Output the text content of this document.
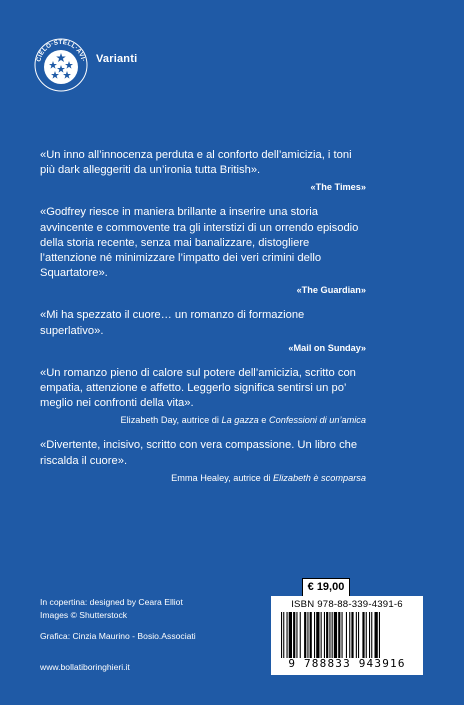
CIELO·STELL·AVI· Varianti

«Un inno all’innocenza perduta e al conforto dell’amicizia, i toni più dark alleggeriti da un’ironia tutta British».

«The Times»

«Godfrey riesce in maniera brillante a inserire una storia avvincente e commovente tra gli interstizi di un orrendo episodio della storia recente, senza mai banalizzare, distogliere l’attenzione né minimizzare l’impatto dei veri crimini dello Squartatore».

«The Guardian»

«Mi ha spezzato il cuore… un romanzo di formazione superlativo».

«Mail on Sunday»

«Un romanzo pieno di calore sul potere dell’amicizia, scritto con empatia, attenzione e affetto. Leggerlo significa sentirsi un po’ meglio nei confronti della vita».

Elizabeth Day, autrice di La gazza e Confessioni di un’amica

«Divertente, incisivo, scritto con vera compassione. Un libro che riscalda il cuore».

Emma Healey, autrice di Elizabeth è scomparsa
In copertina: designed by Ceara Elliot
Images © Shutterstock
Grafica: Cinzia Maurino - Bosio.Associati
www.bollatiboringhieri.it
€ 19,00
ISBN 978-88-339-4391-6
9 788833 943916
